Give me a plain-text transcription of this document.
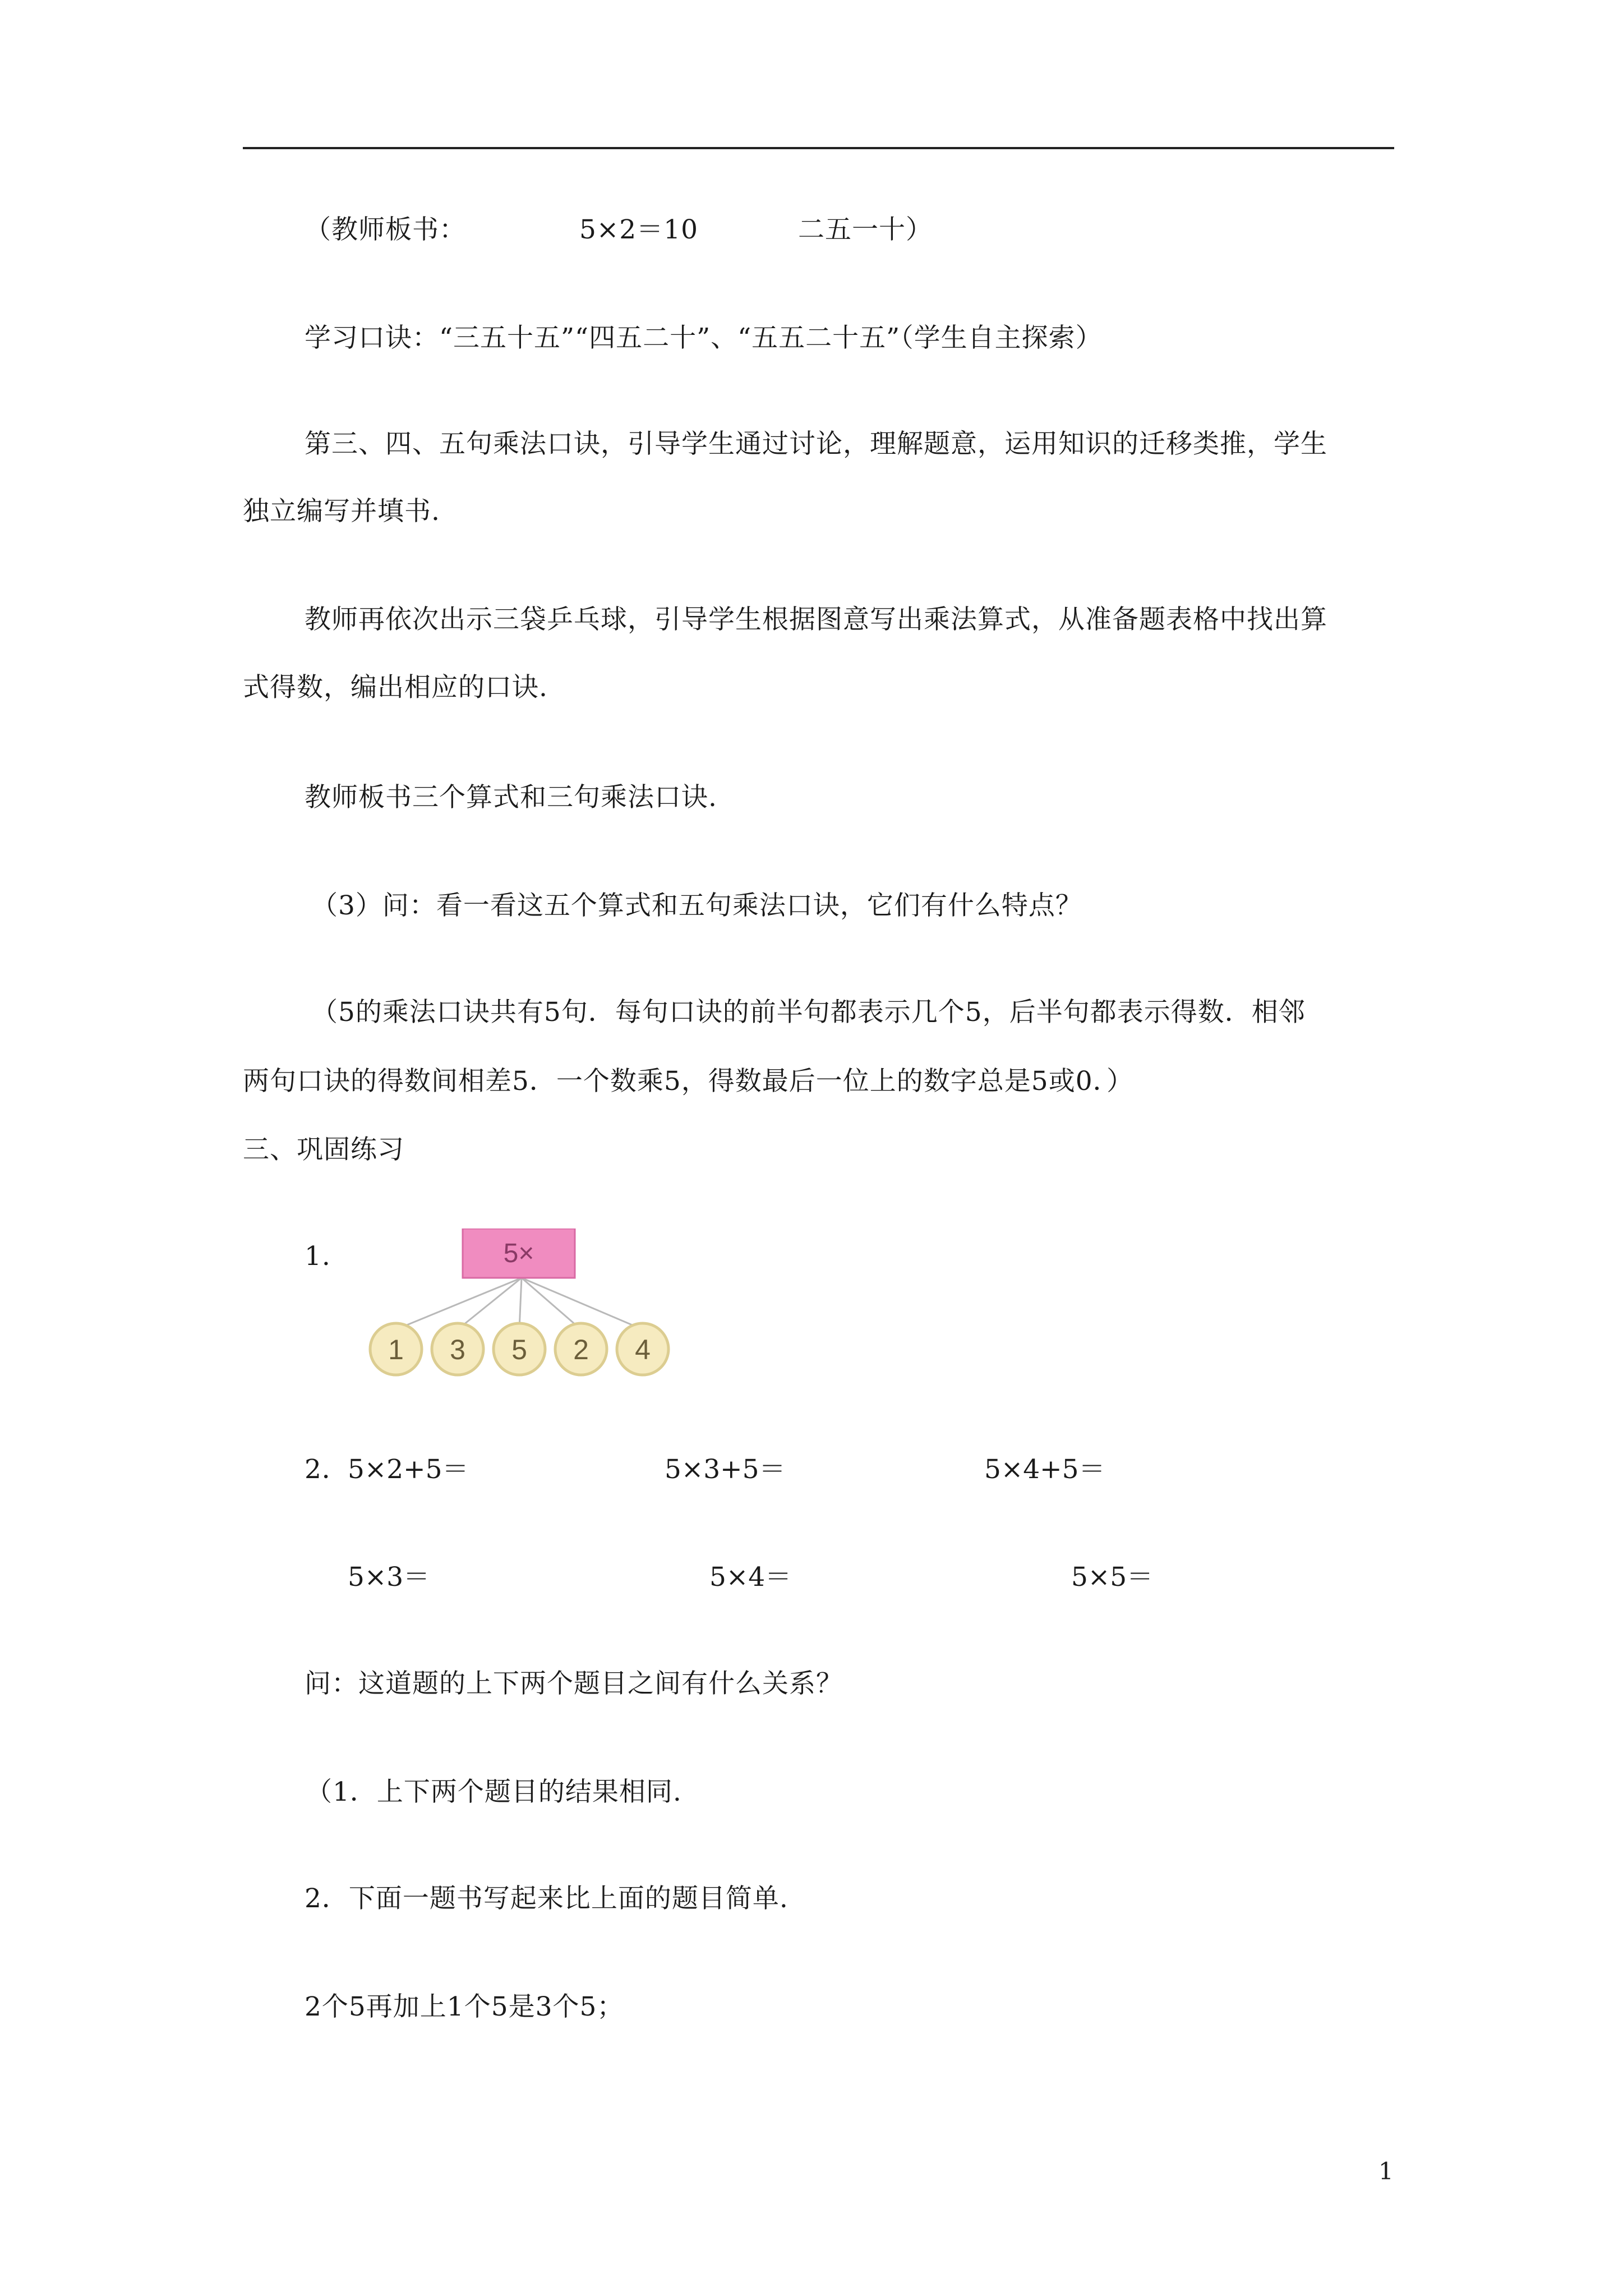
（教师板书：	5×2＝10	二五一十）
学习口诀：“三五十五”“四五二十”、“五五二十五”（学生自主探索）
第三、四、五句乘法口诀，引导学生通过讨论，理解题意，运用知识的迁移类推，学生
独立编写并填书.
教师再依次出示三袋乒乓球，引导学生根据图意写出乘法算式，从准备题表格中找出算
式得数，编出相应的口诀.
教师板书三个算式和三句乘法口诀.
（3）问：看一看这五个算式和五句乘法口诀，它们有什么特点？
（5的乘法口诀共有5句．每句口诀的前半句都表示几个5，后半句都表示得数．相邻
两句口诀的得数间相差5．一个数乘5，得数最后一位上的数字总是5或0．）
三、巩固练习
1.	5×
1 3 5 2 4
2．
5×2+5＝	5×3+5＝	5×4+5＝
5×3＝	5×4＝	5×5＝
问：这道题的上下两个题目之间有什么关系？
（1．上下两个题目的结果相同.
2．下面一题书写起来比上面的题目简单.
2个5再加上1个5是3个5；
1
